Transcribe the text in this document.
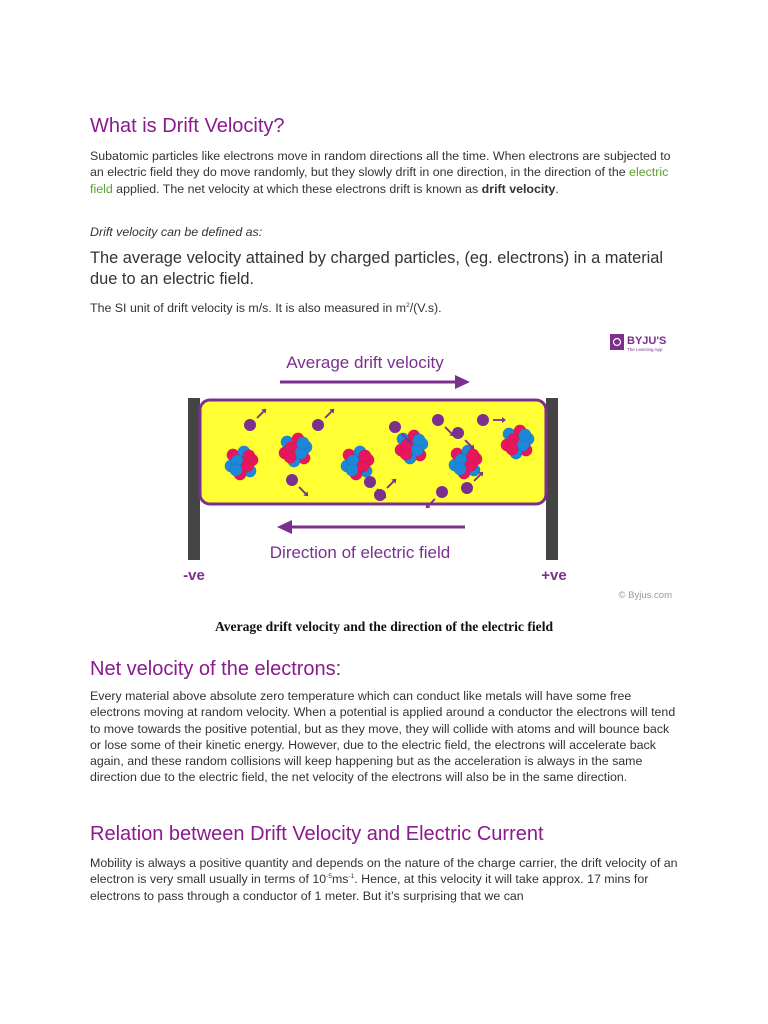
What is Drift Velocity?

Subatomic particles like electrons move in random directions all the time. When electrons are subjected to an electric field they do move randomly, but they slowly drift in one direction, in the direction of the electric field applied. The net velocity at which these electrons drift is known as drift velocity.

Drift velocity can be defined as:

The average velocity attained by charged particles, (eg. electrons) in a material due to an electric field.

The SI unit of drift velocity is m/s. It is also measured in $m^2/(V.s)$.

BYJU'S
The Learning App
Average drift velocity
Direction of electric field
-ve	+ve
© Byjus.com
Average drift velocity and the direction of the electric field
Net velocity of the electrons:

Every material above absolute zero temperature which can conduct like metals will have some free electrons moving at random velocity. When a potential is applied around a conductor the electrons will tend to move towards the positive potential, but as they move, they will collide with atoms and will bounce back or lose some of their kinetic energy. However, due to the electric field, the electrons will accelerate back again, and these random collisions will keep happening but as the acceleration is always in the same direction due to the electric field, the net velocity of the electrons will also be in the same direction.

Relation between Drift Velocity and Electric Current

Mobility is always a positive quantity and depends on the nature of the charge carrier, the drift velocity of an electron is very small usually in terms of $10^{-5}ms^{-1}$. Hence, at this velocity it will take approx. 17 mins for electrons to pass through a conductor of 1 meter. But it’s surprising that we can
